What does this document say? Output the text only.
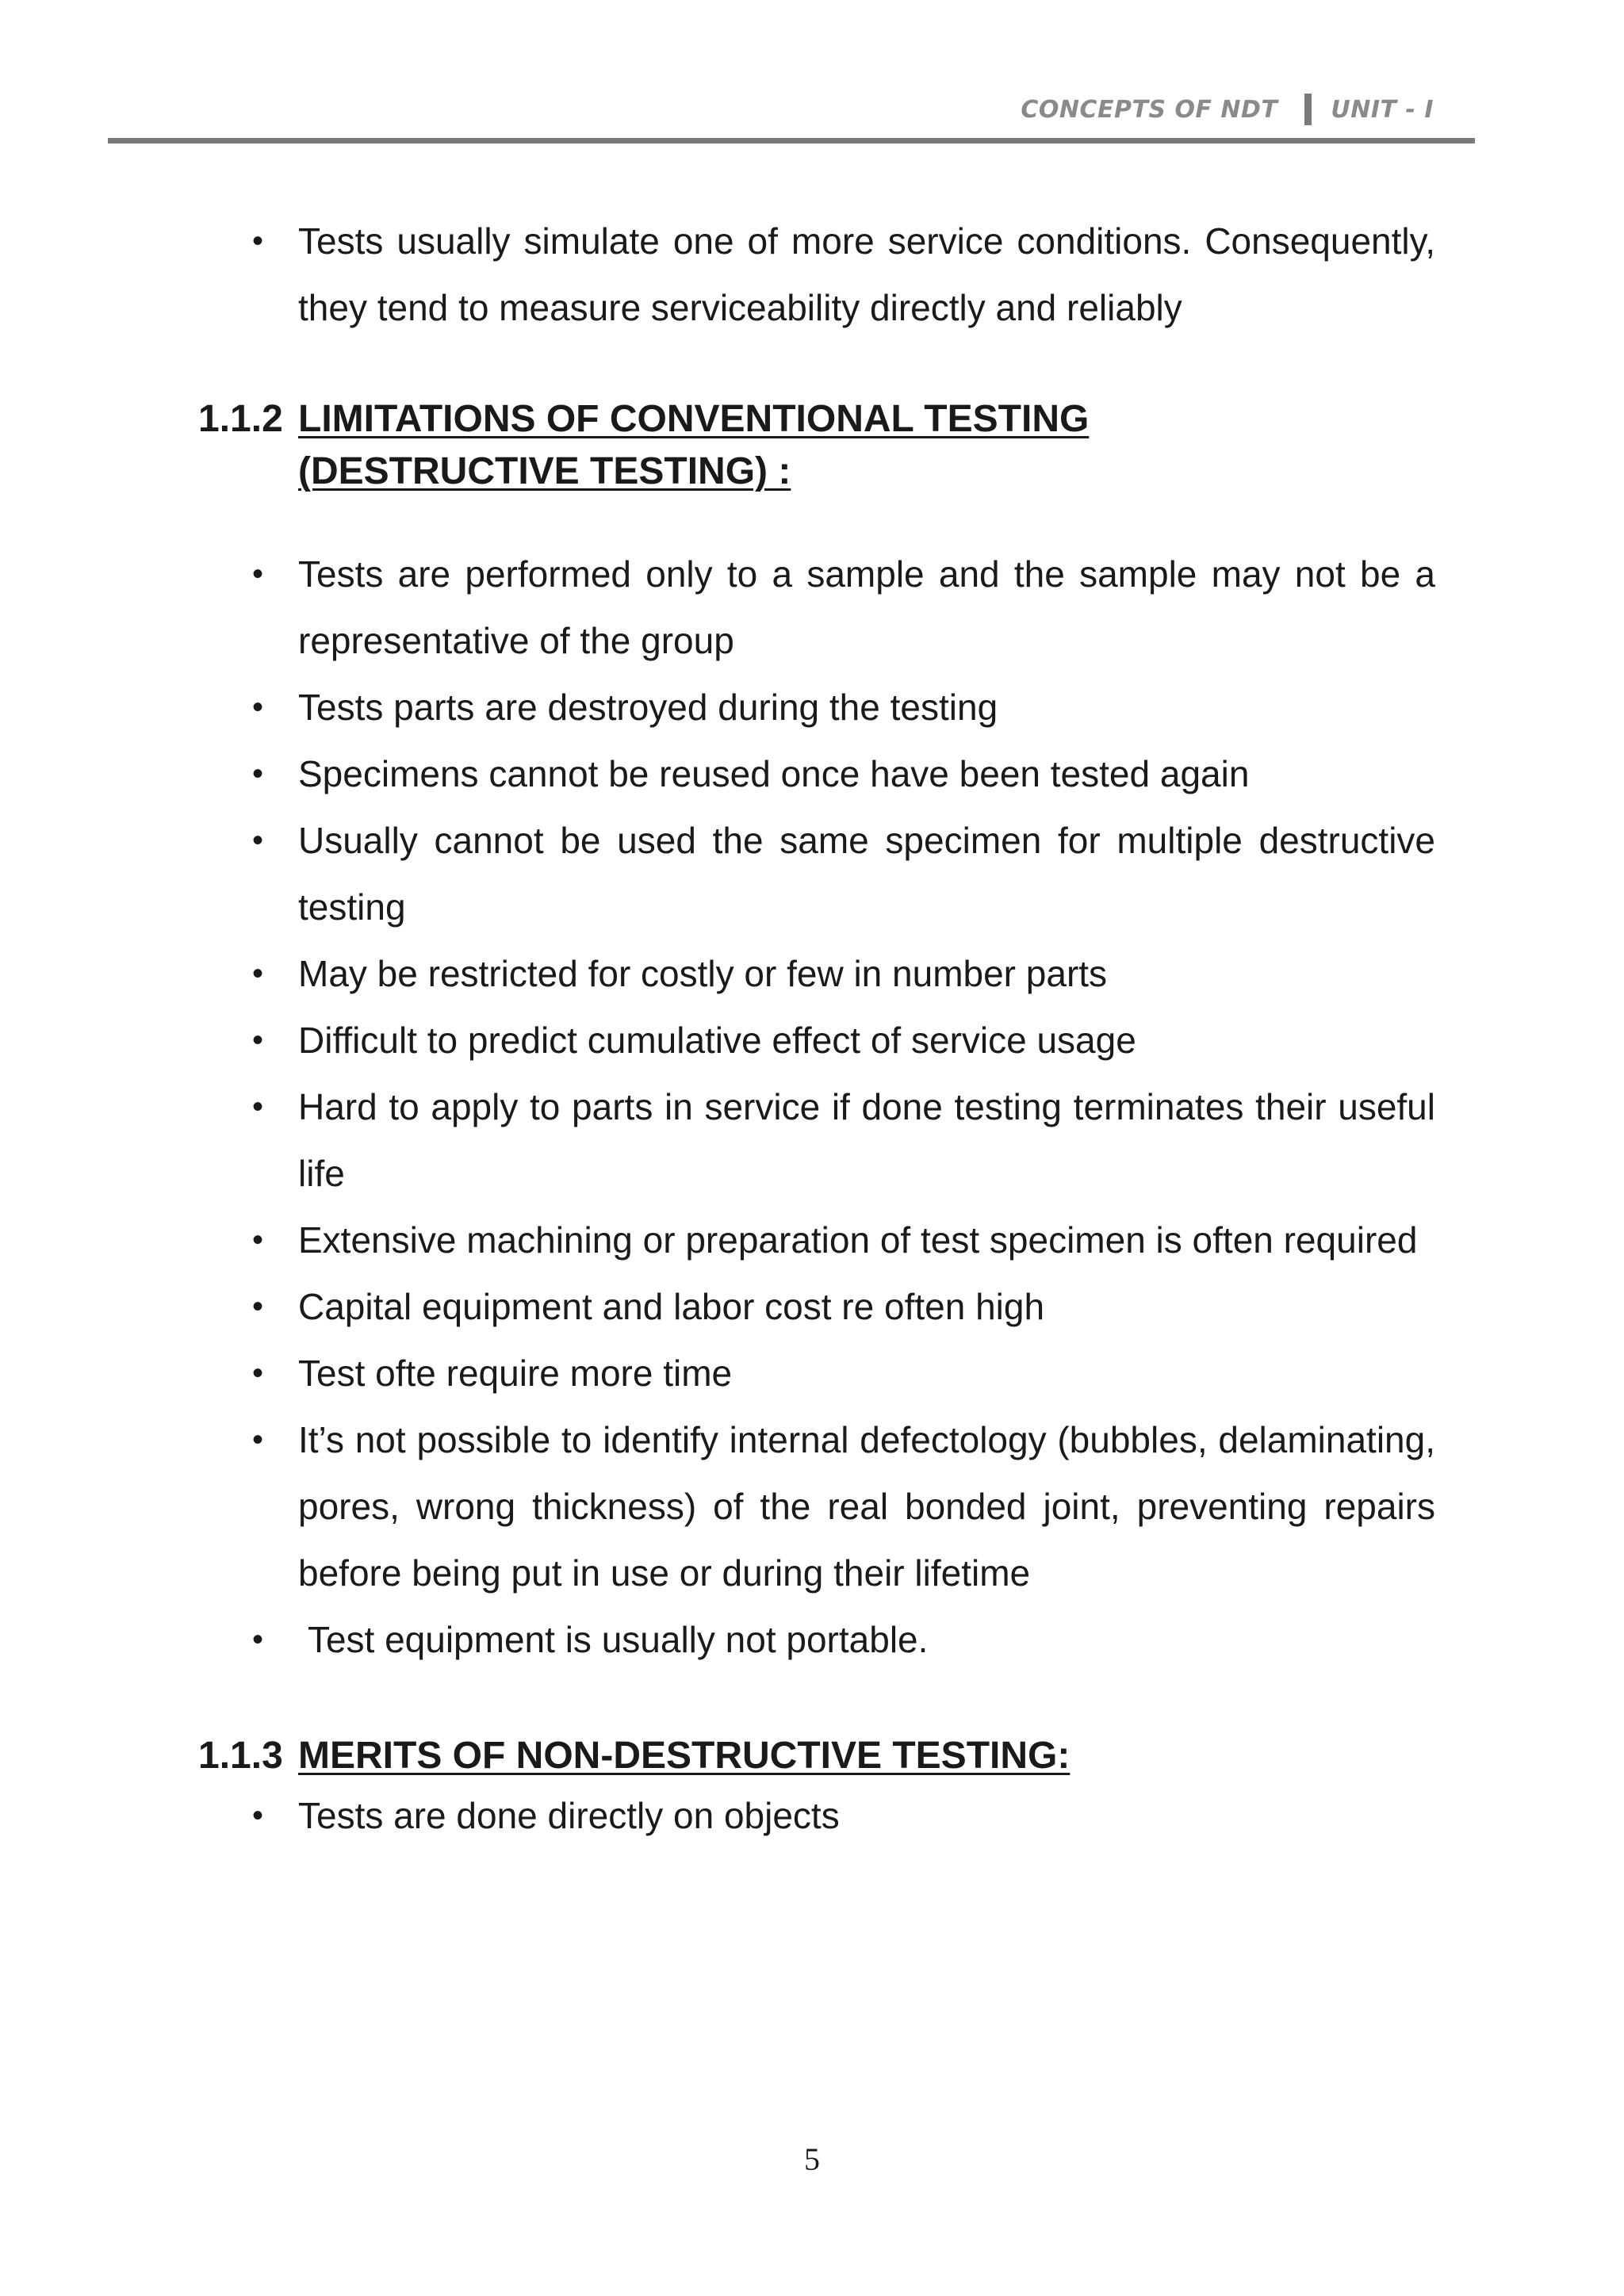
CONCEPTS OF NDT UNIT - I
• Tests usually simulate one of more service conditions. Consequently, they tend to measure serviceability directly and reliably
1.1.2 LIMITATIONS OF CONVENTIONAL TESTING
(DESTRUCTIVE TESTING) :
• Tests are performed only to a sample and the sample may not be a representative of the group
• Tests parts are destroyed during the testing
• Specimens cannot be reused once have been tested again
• Usually cannot be used the same specimen for multiple destructive testing
• May be restricted for costly or few in number parts
• Difficult to predict cumulative effect of service usage
• Hard to apply to parts in service if done testing terminates their useful life
• Extensive machining or preparation of test specimen is often required
• Capital equipment and labor cost re often high
• Test ofte require more time
• It’s not possible to identify internal defectology (bubbles, delaminating, pores, wrong thickness) of the real bonded joint, preventing repairs before being put in use or during their lifetime
• Test equipment is usually not portable.
1.1.3 MERITS OF NON-DESTRUCTIVE TESTING:
• Tests are done directly on objects
5
